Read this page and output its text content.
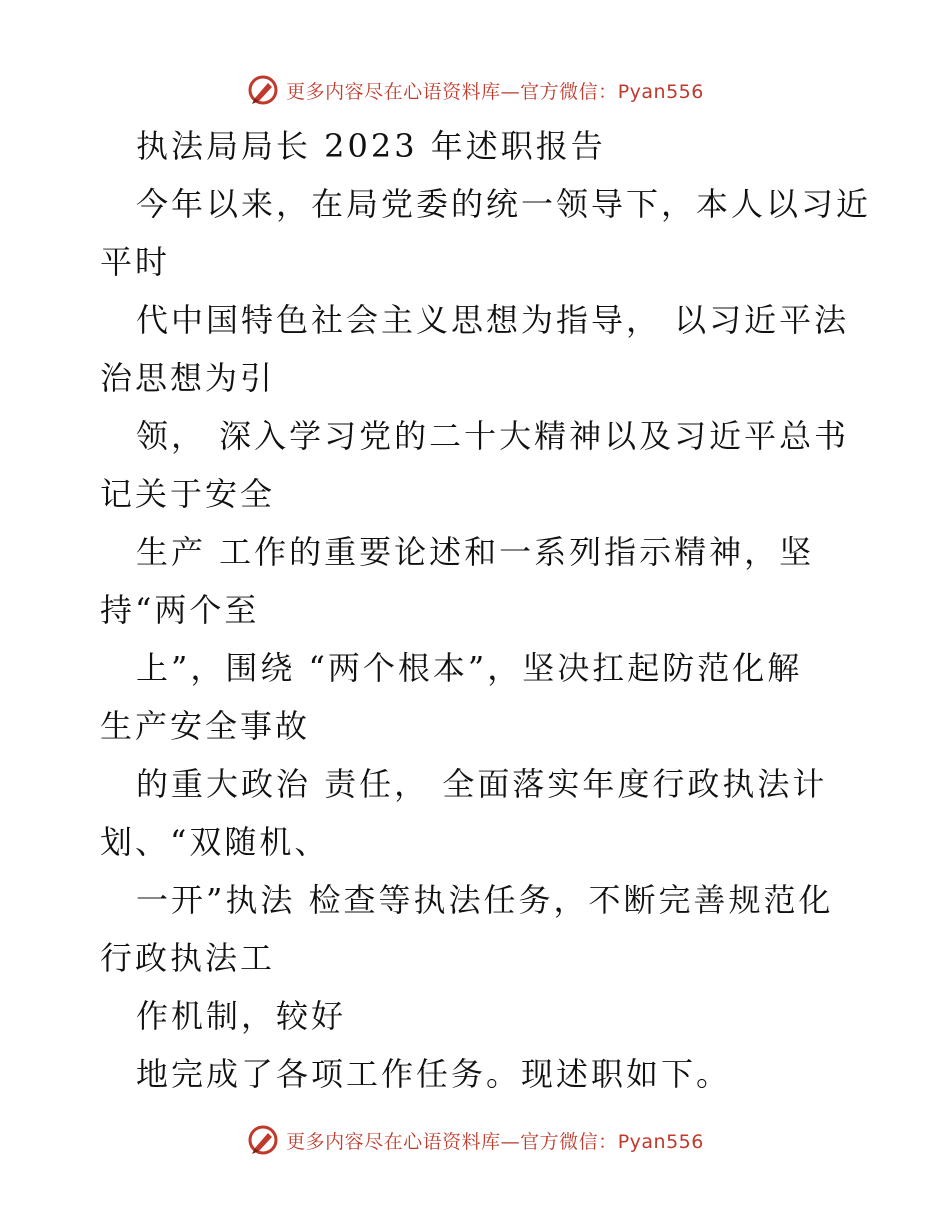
更多内容尽在心语资料库—官方微信：Pyan556
执法局局长 2023 年述职报告
今年以来，在局党委的统一领导下，本人以习近
平时
代中国特色社会主义思想为指导， 以习近平法
治思想为引
领， 深入学习党的二十大精神以及习近平总书
记关于安全
生产 工作的重要论述和一系列指示精神，坚
持“两个至
上”，围绕 “两个根本”，坚决扛起防范化解
生产安全事故
的重大政治 责任， 全面落实年度行政执法计
划、“双随机、
一开”执法 检查等执法任务，不断完善规范化
行政执法工
作机制，较好
地完成了各项工作任务。现述职如下。
更多内容尽在心语资料库—官方微信：Pyan556
